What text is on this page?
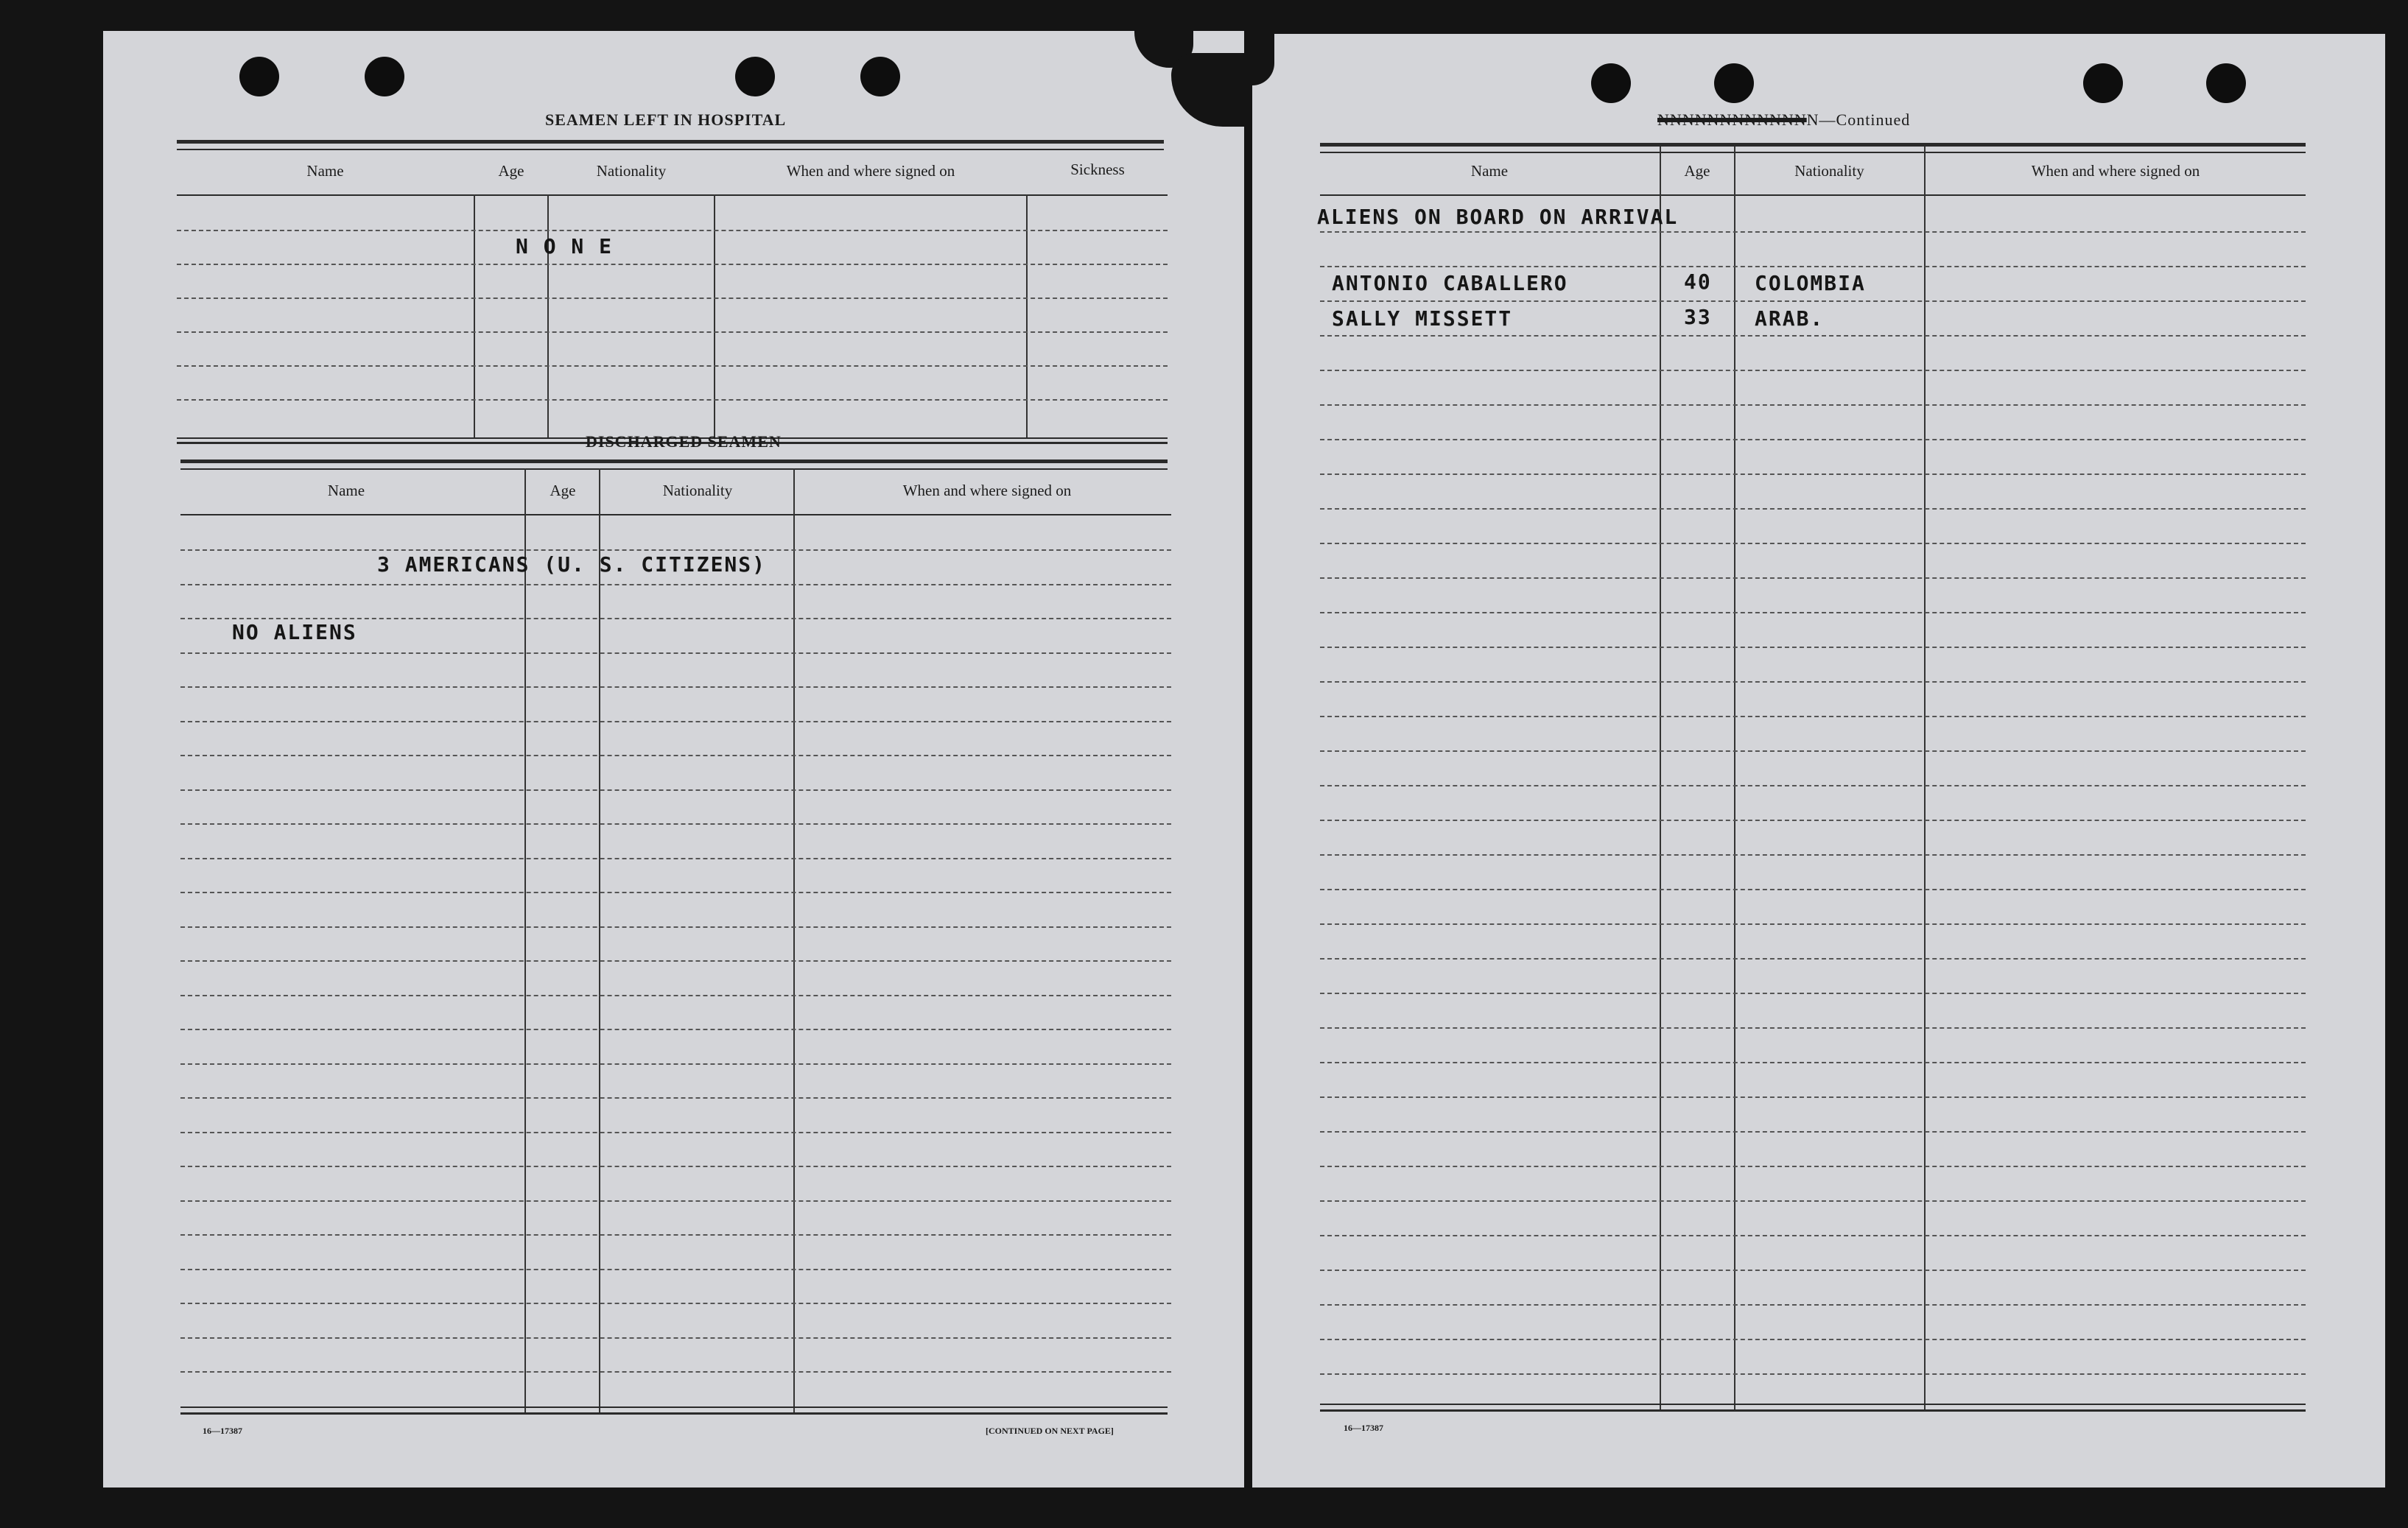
SEAMEN LEFT IN HOSPITAL
Name	Age	Nationality	When and where signed on	Sickness
N O N E
DISCHARGED SEAMEN
Name	Age	Nationality	When and where signed on
3 AMERICANS (U. S. CITIZENS)
NO ALIENS
16—17387	[CONTINUED ON NEXT PAGE]
NNNNNNNNNNNNN—Continued
Name	Age	Nationality	When and where signed on
ALIENS ON BOARD ON ARRIVAL
ANTONIO CABALLERO	40 COLOMBIA
SALLY MISSETT	33 ARAB.
16—17387
